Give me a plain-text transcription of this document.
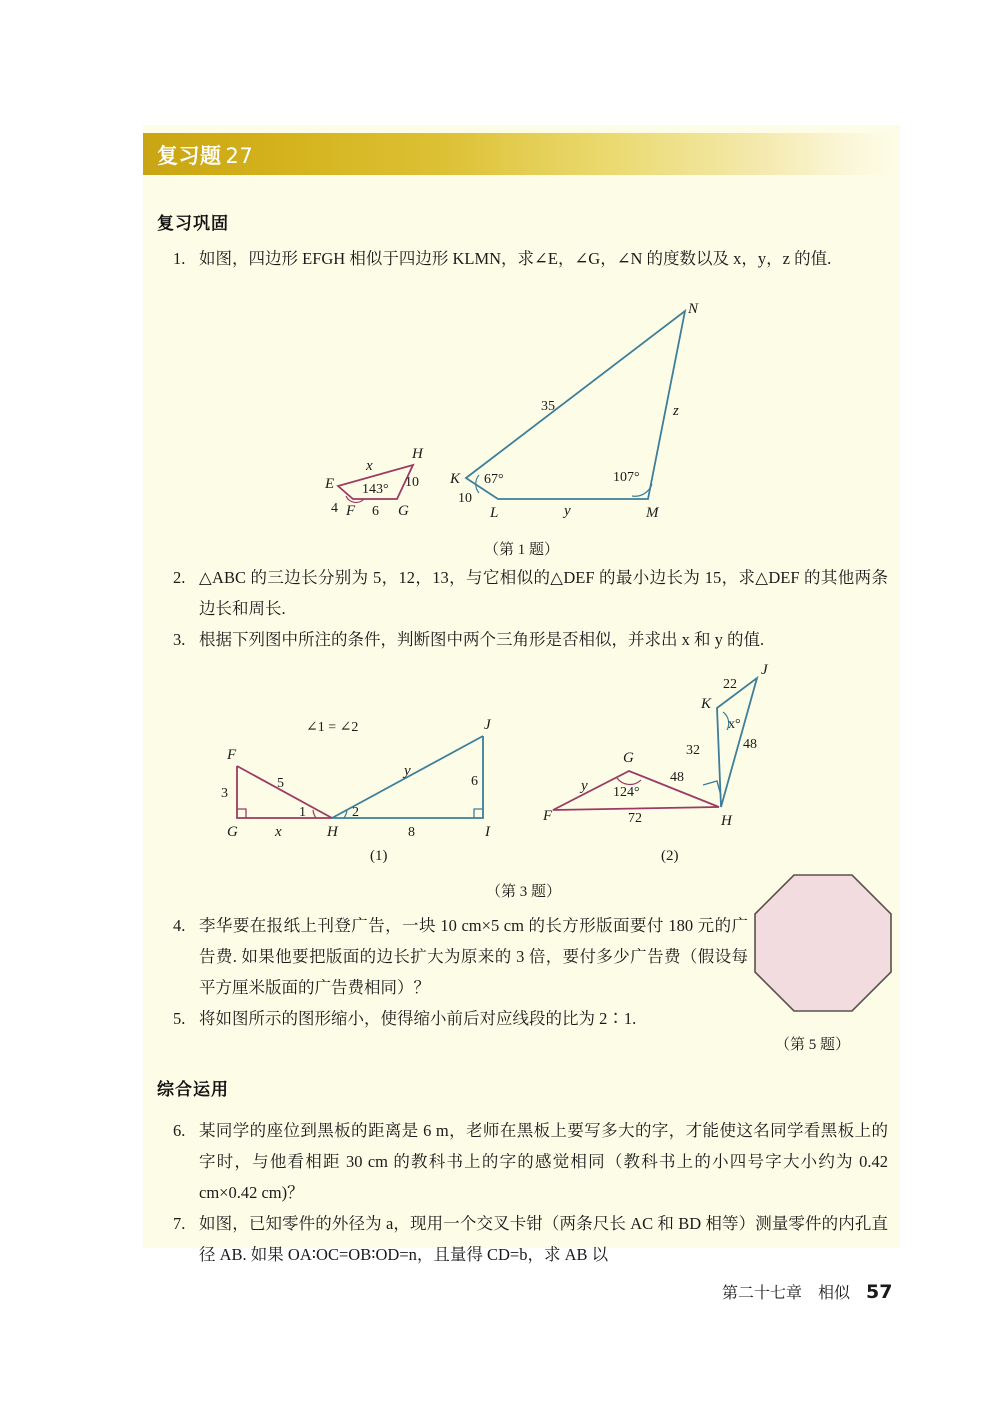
复习题 27
复习巩固
1. 如图，四边形 EFGH 相似于四边形 KLMN，求∠E，∠G，∠N 的度数以及 x，y，z 的值.
E
F	G
H
x
10
6
4
143°
K
L	M
N
35	z
y
10
67°	107°
（第 1 题）
2. △ABC 的三边长分别为 5，12，13，与它相似的△DEF 的最小边长为 15，求△DEF 的其他两条边长和周长.
3. 根据下列图中所注的条件，判断图中两个三角形是否相似，并求出 x 和 y 的值.
F
G	H
3
5
x
1
J
I
y
6
8
2
∠1 = ∠2
(1)
F
G
H
y
48
72
124°
K
J
22
32	48
x°
(2)
（第 3 题）
4. 李华要在报纸上刊登广告，一块 10 cm×5 cm 的长方形版面要付 180 元的广告费. 如果他要把版面的边长扩大为原来的 3 倍，要付多少广告费（假设每平方厘米版面的广告费相同）？
5. 将如图所示的图形缩小，使得缩小前后对应线段的比为 2∶1.
（第 5 题）
综合运用
6. 某同学的座位到黑板的距离是 6 m，老师在黑板上要写多大的字，才能使这名同学看黑板上的字时，与他看相距 30 cm 的教科书上的字的感觉相同（教科书上的小四号字大小约为 0.42 cm×0.42 cm)？
7. 如图，已知零件的外径为 a，现用一个交叉卡钳（两条尺长 AC 和 BD 相等）测量零件的内孔直径 AB. 如果 OA∶OC=OB∶OD=n，且量得 CD=b，求 AB 以
第二十七章　相似 57
